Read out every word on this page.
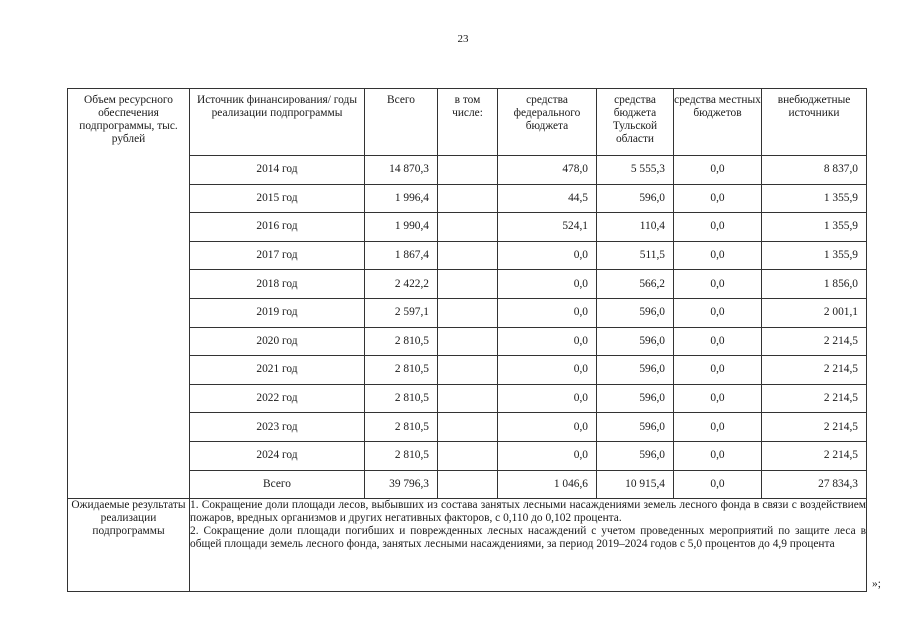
23
Объем ресурсного обеспечения подпрограммы, тыс. рублей	Источник финансирования/ годы реализации подпрограммы	Всего	в том числе:	средства федерального бюджета	средства бюджета Тульской области	средства местных бюджетов	внебюджетные источники
	2014 год	14 870,3		478,0	5 555,3	0,0	8 837,0
	2015 год	1 996,4		44,5	596,0	0,0	1 355,9
	2016 год	1 990,4		524,1	110,4	0,0	1 355,9
	2017 год	1 867,4		0,0	511,5	0,0	1 355,9
	2018 год	2 422,2		0,0	566,2	0,0	1 856,0
	2019 год	2 597,1		0,0	596,0	0,0	2 001,1
	2020 год	2 810,5		0,0	596,0	0,0	2 214,5
	2021 год	2 810,5		0,0	596,0	0,0	2 214,5
	2022 год	2 810,5		0,0	596,0	0,0	2 214,5
	2023 год	2 810,5		0,0	596,0	0,0	2 214,5
	2024 год	2 810,5		0,0	596,0	0,0	2 214,5
	Всего	39 796,3		1 046,6	10 915,4	0,0	27 834,3
Ожидаемые результаты реализации подпрограммы	1. Сокращение доли площади лесов, выбывших из состава занятых лесными насаждениями земель лесного фонда в связи с воздействием пожаров, вредных организмов и других негативных факторов, с 0,110 до 0,102 процента.

2. Сокращение доли площади погибших и поврежденных лесных насаждений с учетом проведенных мероприятий по защите леса в общей площади земель лесного фонда, занятых лесными насаждениями, за период 2019–2024 годов с 5,0 процентов до 4,9 процента						

»;
